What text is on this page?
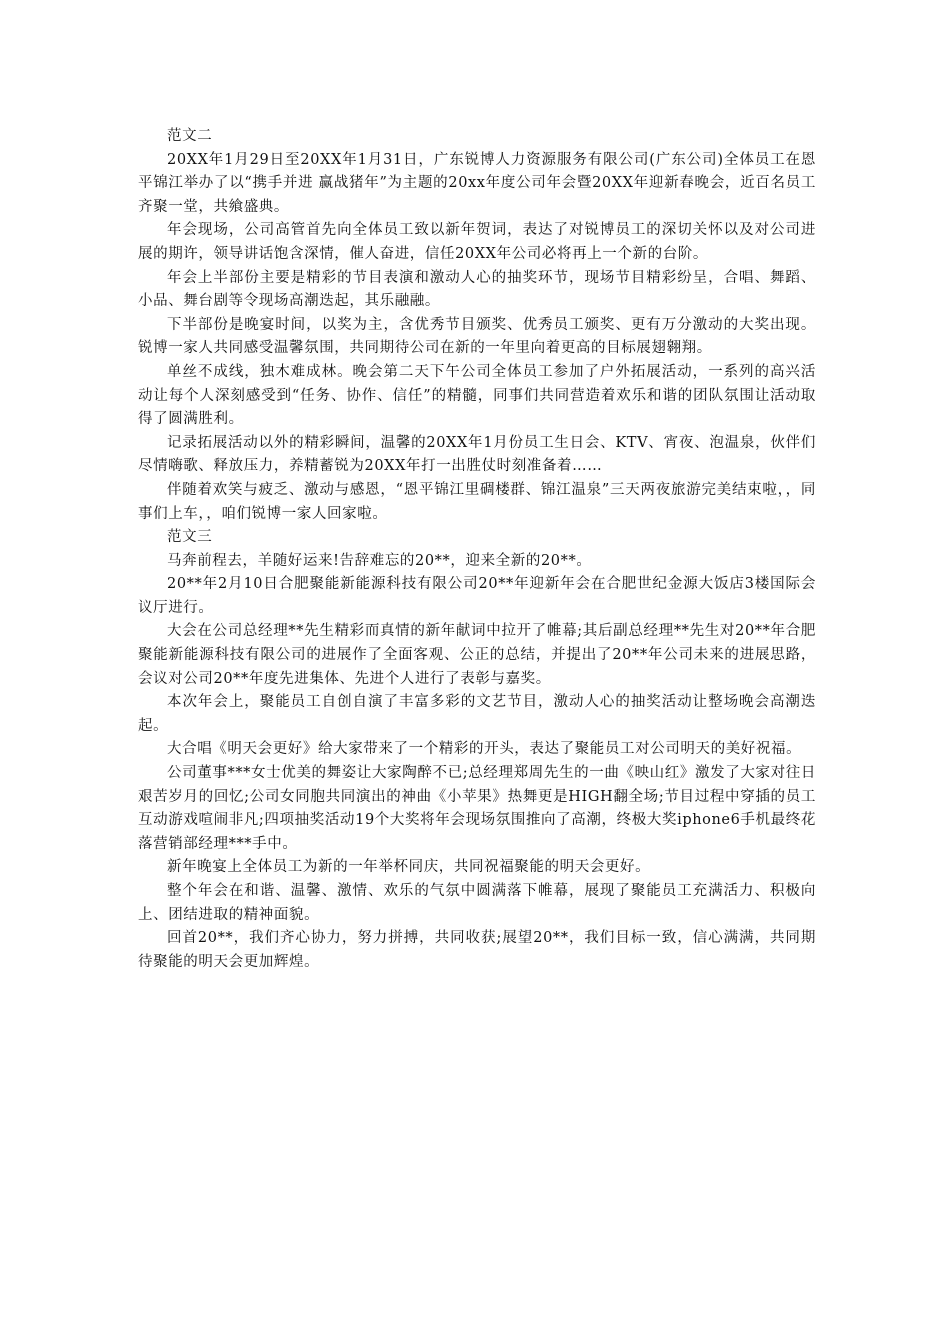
范文二

20XX年1月29日至20XX年1月31日，广东锐博人力资源服务有限公司(广东公司)全体员工在恩平锦江举办了以“携手并进 赢战猪年”为主题的20xx年度公司年会暨20XX年迎新春晚会，近百名员工齐聚一堂，共飨盛典。

年会现场，公司高管首先向全体员工致以新年贺词，表达了对锐博员工的深切关怀以及对公司进展的期许，领导讲话饱含深情，催人奋进，信任20XX年公司必将再上一个新的台阶。

年会上半部份主要是精彩的节目表演和激动人心的抽奖环节，现场节目精彩纷呈，合唱、舞蹈、小品、舞台剧等令现场高潮迭起，其乐融融。

下半部份是晚宴时间，以奖为主，含优秀节目颁奖、优秀员工颁奖、更有万分激动的大奖出现。锐博一家人共同感受温馨氛围，共同期待公司在新的一年里向着更高的目标展翅翱翔。

单丝不成线，独木难成林。晚会第二天下午公司全体员工参加了户外拓展活动，一系列的高兴活动让每个人深刻感受到“任务、协作、信任”的精髓，同事们共同营造着欢乐和谐的团队氛围让活动取得了圆满胜利。

记录拓展活动以外的精彩瞬间，温馨的20XX年1月份员工生日会、KTV、宵夜、泡温泉，伙伴们尽情嗨歌、释放压力，养精蓄锐为20XX年打一出胜仗时刻准备着……

伴随着欢笑与疲乏、激动与感恩，“恩平锦江里碉楼群、锦江温泉”三天两夜旅游完美结束啦，，同事们上车，，咱们锐博一家人回家啦。

范文三

马奔前程去，羊随好运来!告辞难忘的20**，迎来全新的20**。

20**年2月10日合肥聚能新能源科技有限公司20**年迎新年会在合肥世纪金源大饭店3楼国际会议厅进行。

大会在公司总经理**先生精彩而真情的新年献词中拉开了帷幕;其后副总经理**先生对20**年合肥聚能新能源科技有限公司的进展作了全面客观、公正的总结，并提出了20**年公司未来的进展思路，会议对公司20**年度先进集体、先进个人进行了表彰与嘉奖。

本次年会上，聚能员工自创自演了丰富多彩的文艺节目，激动人心的抽奖活动让整场晚会高潮迭起。

大合唱《明天会更好》给大家带来了一个精彩的开头，表达了聚能员工对公司明天的美好祝福。

公司董事***女士优美的舞姿让大家陶醉不已;总经理郑周先生的一曲《映山红》激发了大家对往日艰苦岁月的回忆;公司女同胞共同演出的神曲《小苹果》热舞更是HIGH翻全场;节目过程中穿插的员工互动游戏喧闹非凡;四项抽奖活动19个大奖将年会现场氛围推向了高潮，终极大奖iphone6手机最终花落营销部经理***手中。

新年晚宴上全体员工为新的一年举杯同庆，共同祝福聚能的明天会更好。

整个年会在和谐、温馨、激情、欢乐的气氛中圆满落下帷幕，展现了聚能员工充满活力、积极向上、团结进取的精神面貌。

回首20**，我们齐心协力，努力拼搏，共同收获;展望20**，我们目标一致，信心满满，共同期待聚能的明天会更加辉煌。
